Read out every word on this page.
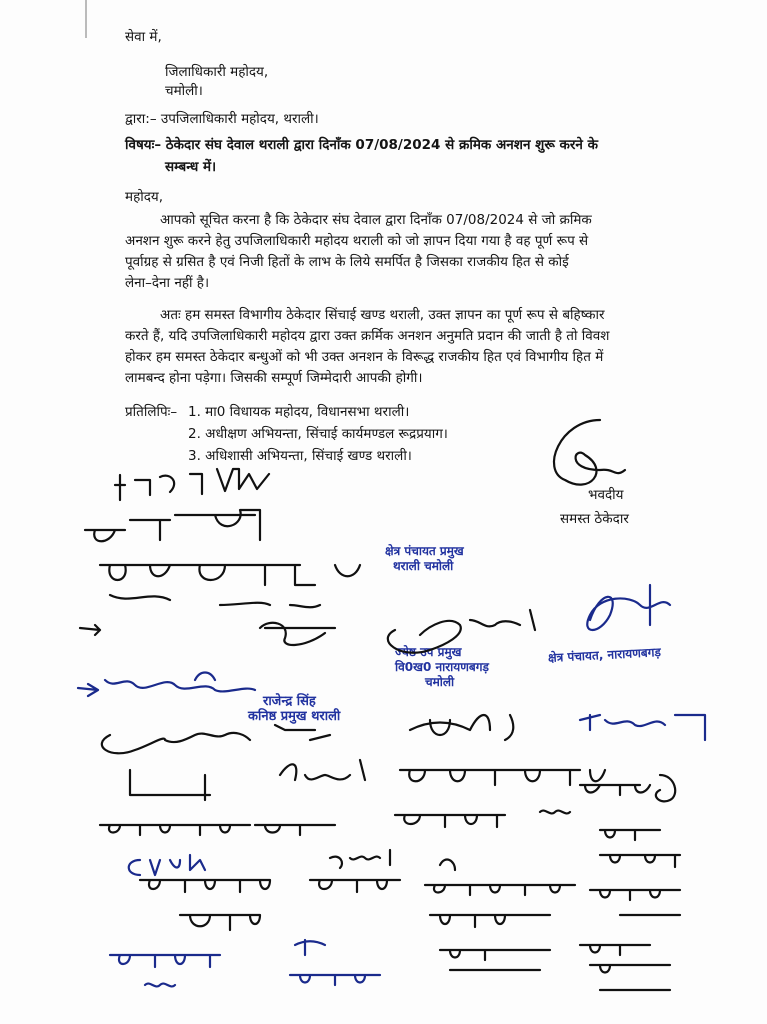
सेवा में,
जिलाधिकारी महोदय,
चमोली।
द्वारा:– उपजिलाधिकारी महोदय, थराली।
विषयः– ठेकेदार संघ देवाल थराली द्वारा दिनाँक 07/08/2024 से क्रमिक अनशन शुरू करने के
सम्बन्ध में।
महोदय,
आपको सूचित करना है कि ठेकेदार संघ देवाल द्वारा दिनाँक 07/08/2024 से जो क्रमिक
अनशन शुरू करने हेतु उपजिलाधिकारी महोदय थराली को जो ज्ञापन दिया गया है वह पूर्ण रूप से
पूर्वाग्रह से ग्रसित है एवं निजी हितों के लाभ के लिये समर्पित है जिसका राजकीय हित से कोई
लेना–देना नहीं है।
अतः हम समस्त विभागीय ठेकेदार सिंचाई खण्ड थराली, उक्त ज्ञापन का पूर्ण रूप से बहिष्कार
करते हैं, यदि उपजिलाधिकारी महोदय द्वारा उक्त क्रर्मिक अनशन अनुमति प्रदान की जाती है तो विवश
होकर हम समस्त ठेकेदार बन्धुओं को भी उक्त अनशन के विरूद्ध राजकीय हित एवं विभागीय हित में
लामबन्द होना पड़ेगा। जिसकी सम्पूर्ण जिम्मेदारी आपकी होगी।
प्रतिलिपिः– 1. मा0 विधायक महोदय, विधानसभा थराली।
2. अधीक्षण अभियन्ता, सिंचाई कार्यमण्डल रूद्रप्रयाग।
3. अधिशासी अभियन्ता, सिंचाई खण्ड थराली।
भवदीय
समस्त ठेकेदार
क्षेत्र पंचायत प्रमुख
थराली चमोली
ज्येष्ठ उप प्रमुख
वि0ख0 नारायणबगड़
चमोली
क्षेत्र पंचायत, नारायणबगड़
राजेन्द्र सिंह
कनिष्ठ प्रमुख थराली
